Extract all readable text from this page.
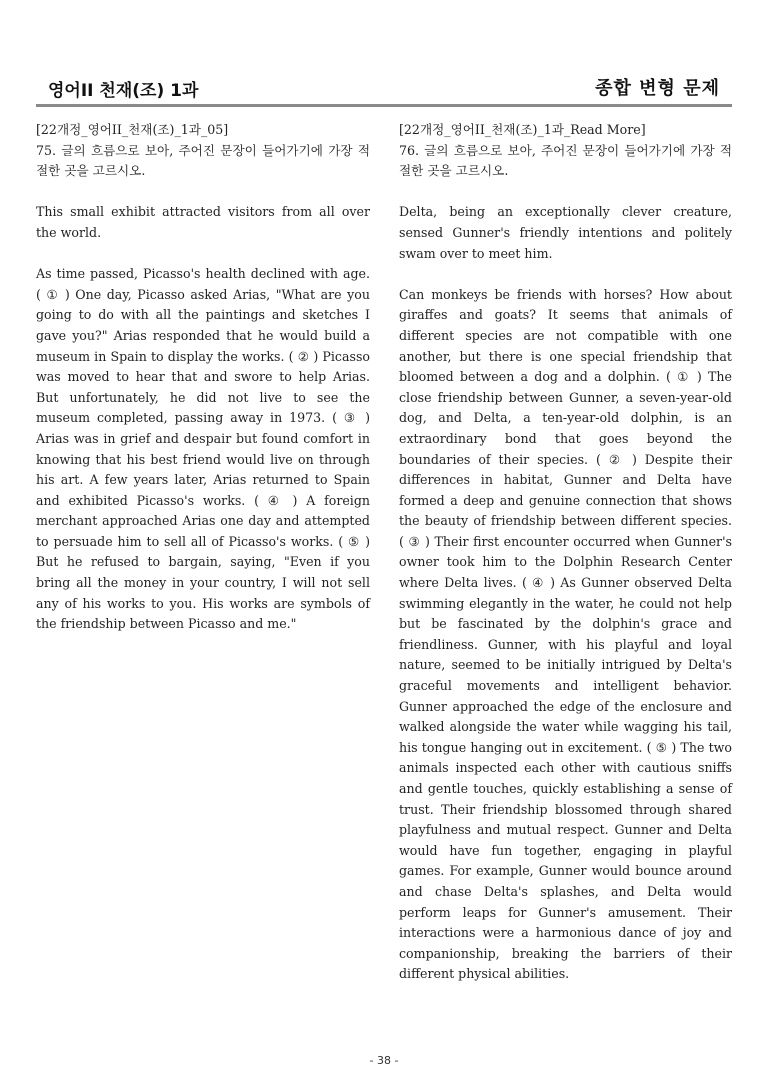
영어II 천재(조) 1과	종합 변형 문제

[22개정_영어II_천재(조)_1과_05]

75. 글의 흐름으로 보아, 주어진 문장이 들어가기에 가장 적절한 곳을 고르시오.

This small exhibit attracted visitors from all over the world.

As time passed, Picasso's health declined with age. ( ① ) One day, Picasso asked Arias, "What are you going to do with all the paintings and sketches I gave you?" Arias responded that he would build a museum in Spain to display the works. ( ② ) Picasso was moved to hear that and swore to help Arias. But unfortunately, he did not live to see the museum completed, passing away in 1973. ( ③ ) Arias was in grief and despair but found comfort in knowing that his best friend would live on through his art. A few years later, Arias returned to Spain and exhibited Picasso's works. ( ④ ) A foreign merchant approached Arias one day and attempted to persuade him to sell all of Picasso's works. ( ⑤ ) But he refused to bargain, saying, "Even if you bring all the money in your country, I will not sell any of his works to you. His works are symbols of the friendship between Picasso and me."

[22개정_영어II_천재(조)_1과_Read More]

76. 글의 흐름으로 보아, 주어진 문장이 들어가기에 가장 적절한 곳을 고르시오.

Delta, being an exceptionally clever creature, sensed Gunner's friendly intentions and politely swam over to meet him.

Can monkeys be friends with horses? How about giraffes and goats? It seems that animals of different species are not compatible with one another, but there is one special friendship that bloomed between a dog and a dolphin. ( ① ) The close friendship between Gunner, a seven-year-old dog, and Delta, a ten-year-old dolphin, is an extraordinary bond that goes beyond the boundaries of their species. ( ② ) Despite their differences in habitat, Gunner and Delta have formed a deep and genuine connection that shows the beauty of friendship between different species. ( ③ ) Their first encounter occurred when Gunner's owner took him to the Dolphin Research Center where Delta lives. ( ④ ) As Gunner observed Delta swimming elegantly in the water, he could not help but be fascinated by the dolphin's grace and friendliness. Gunner, with his playful and loyal nature, seemed to be initially intrigued by Delta's graceful movements and intelligent behavior. Gunner approached the edge of the enclosure and walked alongside the water while wagging his tail, his tongue hanging out in excitement. ( ⑤ ) The two animals inspected each other with cautious sniffs and gentle touches, quickly establishing a sense of trust. Their friendship blossomed through shared playfulness and mutual respect. Gunner and Delta would have fun together, engaging in playful games. For example, Gunner would bounce around and chase Delta's splashes, and Delta would perform leaps for Gunner's amusement. Their interactions were a harmonious dance of joy and companionship, breaking the barriers of their different physical abilities.

- 38 -
